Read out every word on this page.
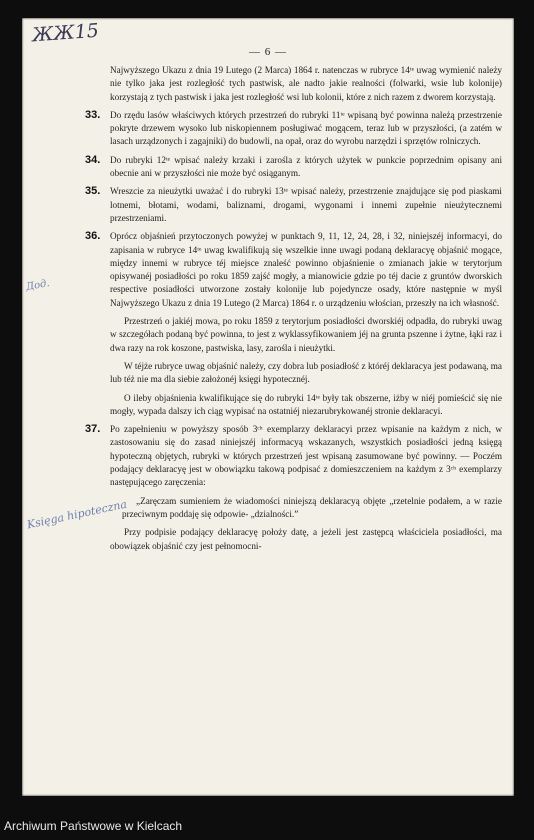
ЖЖ15
Дод.
Księga hipoteczna
— 6 —
Najwyższego Ukazu z dnia 19 Lutego (2 Marca) 1864 r. natenczas w rubryce 14ᵗᵉ uwag wymienić należy nie tylko jaka jest rozległość tych pastwisk, ale nadto jakie realności (folwarki, wsie lub kolonije) korzystają z tych pastwisk i jaka jest rozległość wsi lub kolonii, które z nich razem z dworem korzystają.
33. Do rzędu lasów właściwych których przestrzeń do rubryki 11ᵗᵉ wpisaną być powinna należą przestrzenie pokryte drzewem wysoko lub niskopiennem posługiwać mogącem, teraz lub w przyszłości, (a zatém w lasach urządzonych i zagajniki) do budowli, na opał, oraz do wyrobu narzędzi i sprzętów rolniczych.
34. Do rubryki 12ᵗᵉ wpisać należy krzaki i zarośla z których użytek w punkcie poprzednim opisany ani obecnie ani w przyszłości nie może być osiąganym.
35. Wreszcie za nieużytki uważać i do rubryki 13ᵗᵉ wpisać należy, przestrzenie znajdujące się pod piaskami lotnemi, błotami, wodami, baliznami, drogami, wygonami i innemi zupełnie nieużytecznemi przestrzeniami.
36. Oprócz objaśnień przytoczonych powyżej w punktach 9, 11, 12, 24, 28, i 32, niniejszéj informacyi, do zapisania w rubryce 14ᵗᵉ uwag kwalifikują się wszelkie inne uwagi podaną deklaracyę objaśnić mogące, między innemi w rubryce téj miejsce znaleść powinno objaśnienie o zmianach jakie w terytorjum opisywanéj posiadłości po roku 1859 zajść mogły, a mianowicie gdzie po téj dacie z gruntów dworskich respective posiadłości utworzone zostały kolonije lub pojedyncze osady, które następnie w myśl Najwyższego Ukazu z dnia 19 Lutego (2 Marca) 1864 r. o urządzeniu włościan, przeszły na ich własność.
Przestrzeń o jakiéj mowa, po roku 1859 z terytorjum posiadłości dworskiéj odpadła, do rubryki uwag w szczegółach podaną być powinna, to jest z wyklassyfikowaniem jéj na grunta pszenne i żytne, łąki raz i dwa razy na rok koszone, pastwiska, lasy, zarośla i nieużytki.
W téjże rubryce uwag objaśnić należy, czy dobra lub posiadłość z któréj deklaracya jest podawaną, ma lub téż nie ma dla siebie założonéj księgi hypotecznéj.
O ileby objaśnienia kwalifikujące się do rubryki 14ᵗᵉ były tak obszerne, iżby w niéj pomieścić się nie mogły, wypada dalszy ich ciąg wypisać na ostatniéj niezarubrykowanéj stronie deklaracyi.
37. Po zapełnieniu w powyższy sposób 3ᶜʰ exemplarzy deklaracyi przez wpisanie na każdym z nich, w zastosowaniu się do zasad niniejszéj informacyą wskazanych, wszystkich posiadłości jedną księgą hypoteczną objętych, rubryki w których przestrzeń jest wpisaną zasumowane być powinny. — Poczém podający deklaracyę jest w obowiązku takową podpisać z domieszczeniem na każdym z 3ᶜʰ exemplarzy następującego zaręczenia:
„Zaręczam sumieniem że wiadomości niniejszą deklaracyą objęte „rzetelnie podałem, a w razie przeciwnym poddaję się odpowie- „dzialności.”
Przy podpisie podający deklaracyę położy datę, a jeżeli jest zastępcą właściciela posiadłości, ma obowiązek objaśnić czy jest pełnomocni-
Archiwum Państwowe w Kielcach
